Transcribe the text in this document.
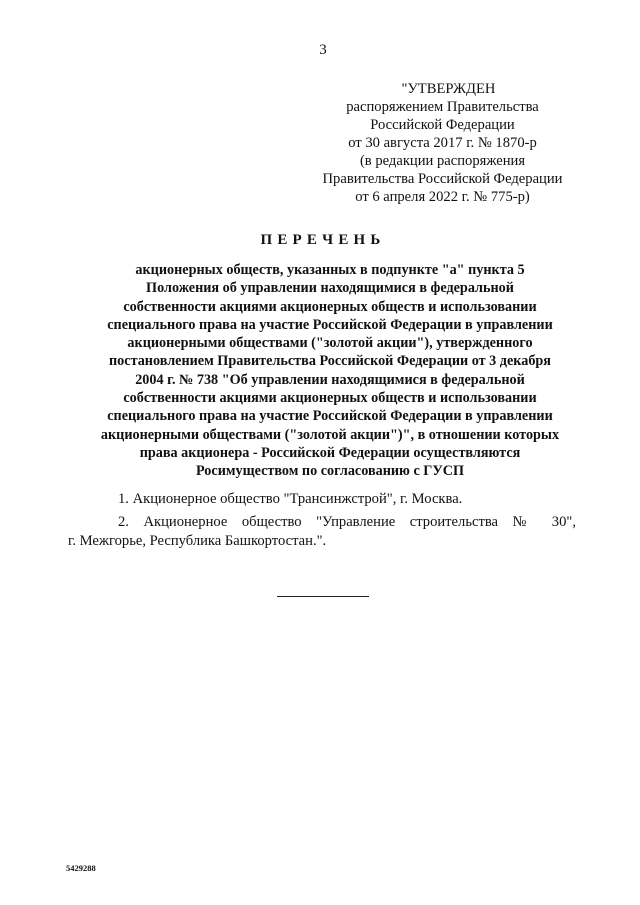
3
"УТВЕРЖДЕН
распоряжением Правительства
Российской Федерации
от 30 августа 2017 г. № 1870-р
(в редакции распоряжения
Правительства Российской Федерации
от 6 апреля 2022 г. № 775-р)
ПЕРЕЧЕНЬ
акционерных обществ, указанных в подпункте "а" пункта 5
Положения об управлении находящимися в федеральной
собственности акциями акционерных обществ и использовании
специального права на участие Российской Федерации в управлении
акционерными обществами ("золотой акции"), утвержденного
постановлением Правительства Российской Федерации от 3 декабря
2004 г. № 738 "Об управлении находящимися в федеральной
собственности акциями акционерных обществ и использовании
специального права на участие Российской Федерации в управлении
акционерными обществами ("золотой акции")", в отношении которых
права акционера - Российской Федерации осуществляются
Росимуществом по согласованию с ГУСП
1. Акционерное общество "Трансинжстрой", г. Москва.
2. Акционерное общество "Управление строительства № 30",
г. Межгорье, Республика Башкортостан.".
5429288
